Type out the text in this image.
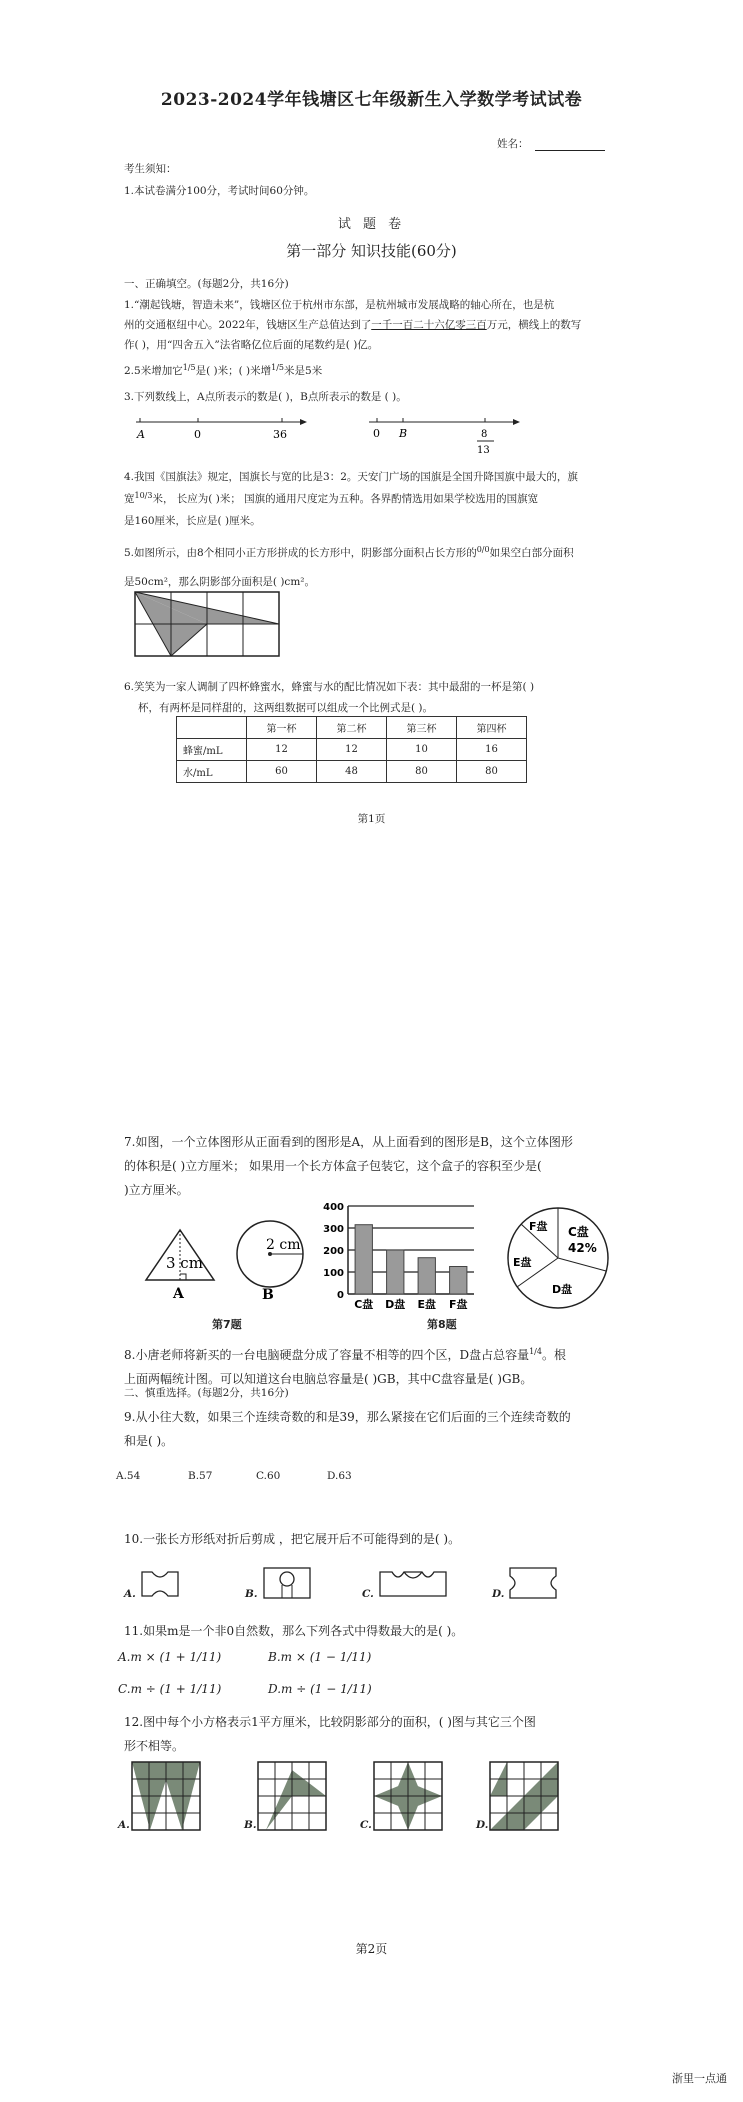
2023-2024学年钱塘区七年级新生入学数学考试试卷
姓名：
考生须知：
1.本试卷满分100分，考试时间60分钟。
试 题 卷
第一部分 知识技能(60分)
一、正确填空。(每题2分，共16分)
1.“潮起钱塘，智造未来”，钱塘区位于杭州市东部，是杭州城市发展战略的轴心所在，也是杭
州的交通枢纽中心。2022年，钱塘区生产总值达到了一千一百二十六亿零三百万元，横线上的数写
作( )，用“四舍五入”法省略亿位后面的尾数约是( )亿。
2.5米增加它$^{1/5}$是( )米；( )米增$^{1/5}$米是5米
3.下列数线上，A点所表示的数是( )，B点所表示的数是 ( )。
A	0	36	0 B	8
13
4.我国《国旗法》规定，国旗长与宽的比是3：2。天安门广场的国旗是全国升降国旗中最大的，旗
宽$^{10/3}$米， 长应为( )米； 国旗的通用尺度定为五种。各界酌情选用如果学校选用的国旗宽
是160厘米，长应是( )厘米。
5.如图所示，由8个相同小正方形拼成的长方形中，阴影部分面积占长方形的$^{0/0}$如果空白部分面积
是50cm²，那么阴影部分面积是( )cm²。
6.笑笑为一家人调制了四杯蜂蜜水，蜂蜜与水的配比情况如下表：其中最甜的一杯是第( )
杯，有两杯是同样甜的，这两组数据可以组成一个比例式是( )。
	第一杯	第二杯	第三杯	第四杯
蜂蜜/mL	12	12	10	16
水/mL	60	48	80	80
第1页
7.如图，一个立体图形从正面看到的图形是A，从上面看到的图形是B，这个立体图形
的体积是( )立方厘米； 如果用一个长方体盒子包装它，这个盒子的容积至少是(
)立方厘米。
3 cm
A
2 cm
B	0
100
200
300
400
C盘 D盘 E盘 F盘
F盘 C盘
42%
E盘
D盘
第7题	第8题
8.小唐老师将新买的一台电脑硬盘分成了容量不相等的四个区，D盘占总容量$^{1/4}$。根
上面两幅统计图。可以知道这台电脑总容量是( )GB，其中C盘容量是( )GB。
二、慎重选择。(每题2分，共16分)
9.从小往大数，如果三个连续奇数的和是39，那么紧接在它们后面的三个连续奇数的
和是( )。
A.54	B.57	C.60	D.63
10.一张长方形纸对折后剪成 ，把它展开后不可能得到的是( )。
A.	B.	C.	D.
11.如果m是一个非0自然数，那么下列各式中得数最大的是( )。
A.m × (1 + 1/11)	B.m × (1 − 1/11)
C.m ÷ (1 + 1/11)	D.m ÷ (1 − 1/11)
12.图中每个小方格表示1平方厘米，比较阴影部分的面积，( )图与其它三个图
形不相等。
A.	B.	C.	D.
第2页
浙里一点通
